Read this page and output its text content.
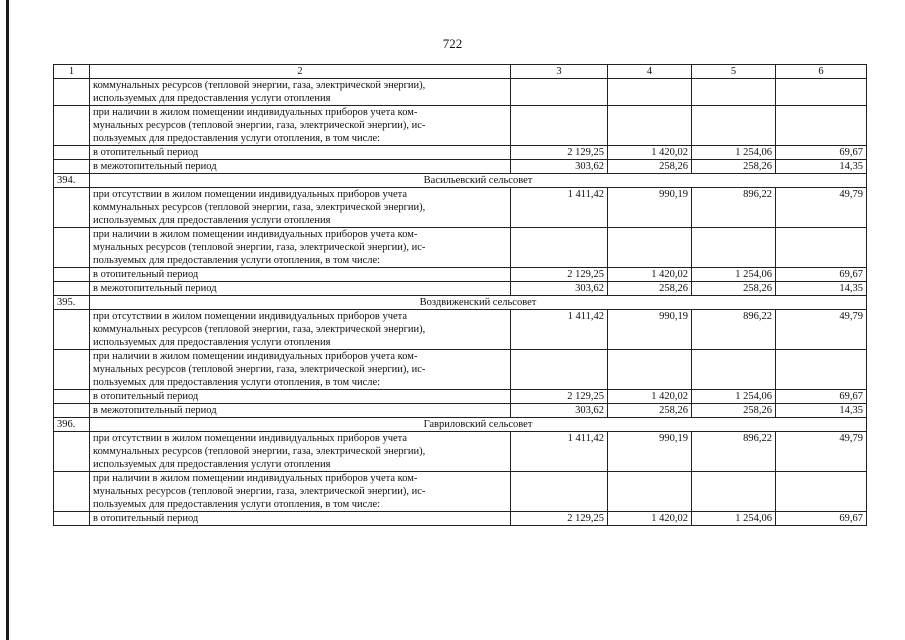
722
1	2	3	4	5	6

	коммунальных ресурсов (тепловой энергии, газа, электрической энергии),
используемых для предоставления услуги отопления				

	при наличии в жилом помещении индивидуальных приборов учета ком-
мунальных ресурсов (тепловой энергии, газа, электрической энергии), ис-
пользуемых для предоставления услуги отопления, в том числе:				

	в отопительный период	2 129,25	1 420,02	1 254,06	69,67
	в межотопительный период	303,62	258,26	258,26	14,35
394.	Васильевский сельсовет				

	при отсутствии в жилом помещении индивидуальных приборов учета
коммунальных ресурсов (тепловой энергии, газа, электрической энергии),
используемых для предоставления услуги отопления	1 411,42	990,19	896,22	49,79

	при наличии в жилом помещении индивидуальных приборов учета ком-
мунальных ресурсов (тепловой энергии, газа, электрической энергии), ис-
пользуемых для предоставления услуги отопления, в том числе:				

	в отопительный период	2 129,25	1 420,02	1 254,06	69,67
	в межотопительный период	303,62	258,26	258,26	14,35
395.	Воздвиженский сельсовет				

	при отсутствии в жилом помещении индивидуальных приборов учета
коммунальных ресурсов (тепловой энергии, газа, электрической энергии),
используемых для предоставления услуги отопления	1 411,42	990,19	896,22	49,79

	при наличии в жилом помещении индивидуальных приборов учета ком-
мунальных ресурсов (тепловой энергии, газа, электрической энергии), ис-
пользуемых для предоставления услуги отопления, в том числе:				

	в отопительный период	2 129,25	1 420,02	1 254,06	69,67
	в межотопительный период	303,62	258,26	258,26	14,35
396.	Гавриловский сельсовет				

	при отсутствии в жилом помещении индивидуальных приборов учета
коммунальных ресурсов (тепловой энергии, газа, электрической энергии),
используемых для предоставления услуги отопления	1 411,42	990,19	896,22	49,79

	при наличии в жилом помещении индивидуальных приборов учета ком-
мунальных ресурсов (тепловой энергии, газа, электрической энергии), ис-
пользуемых для предоставления услуги отопления, в том числе:				

	в отопительный период	2 129,25	1 420,02	1 254,06	69,67
